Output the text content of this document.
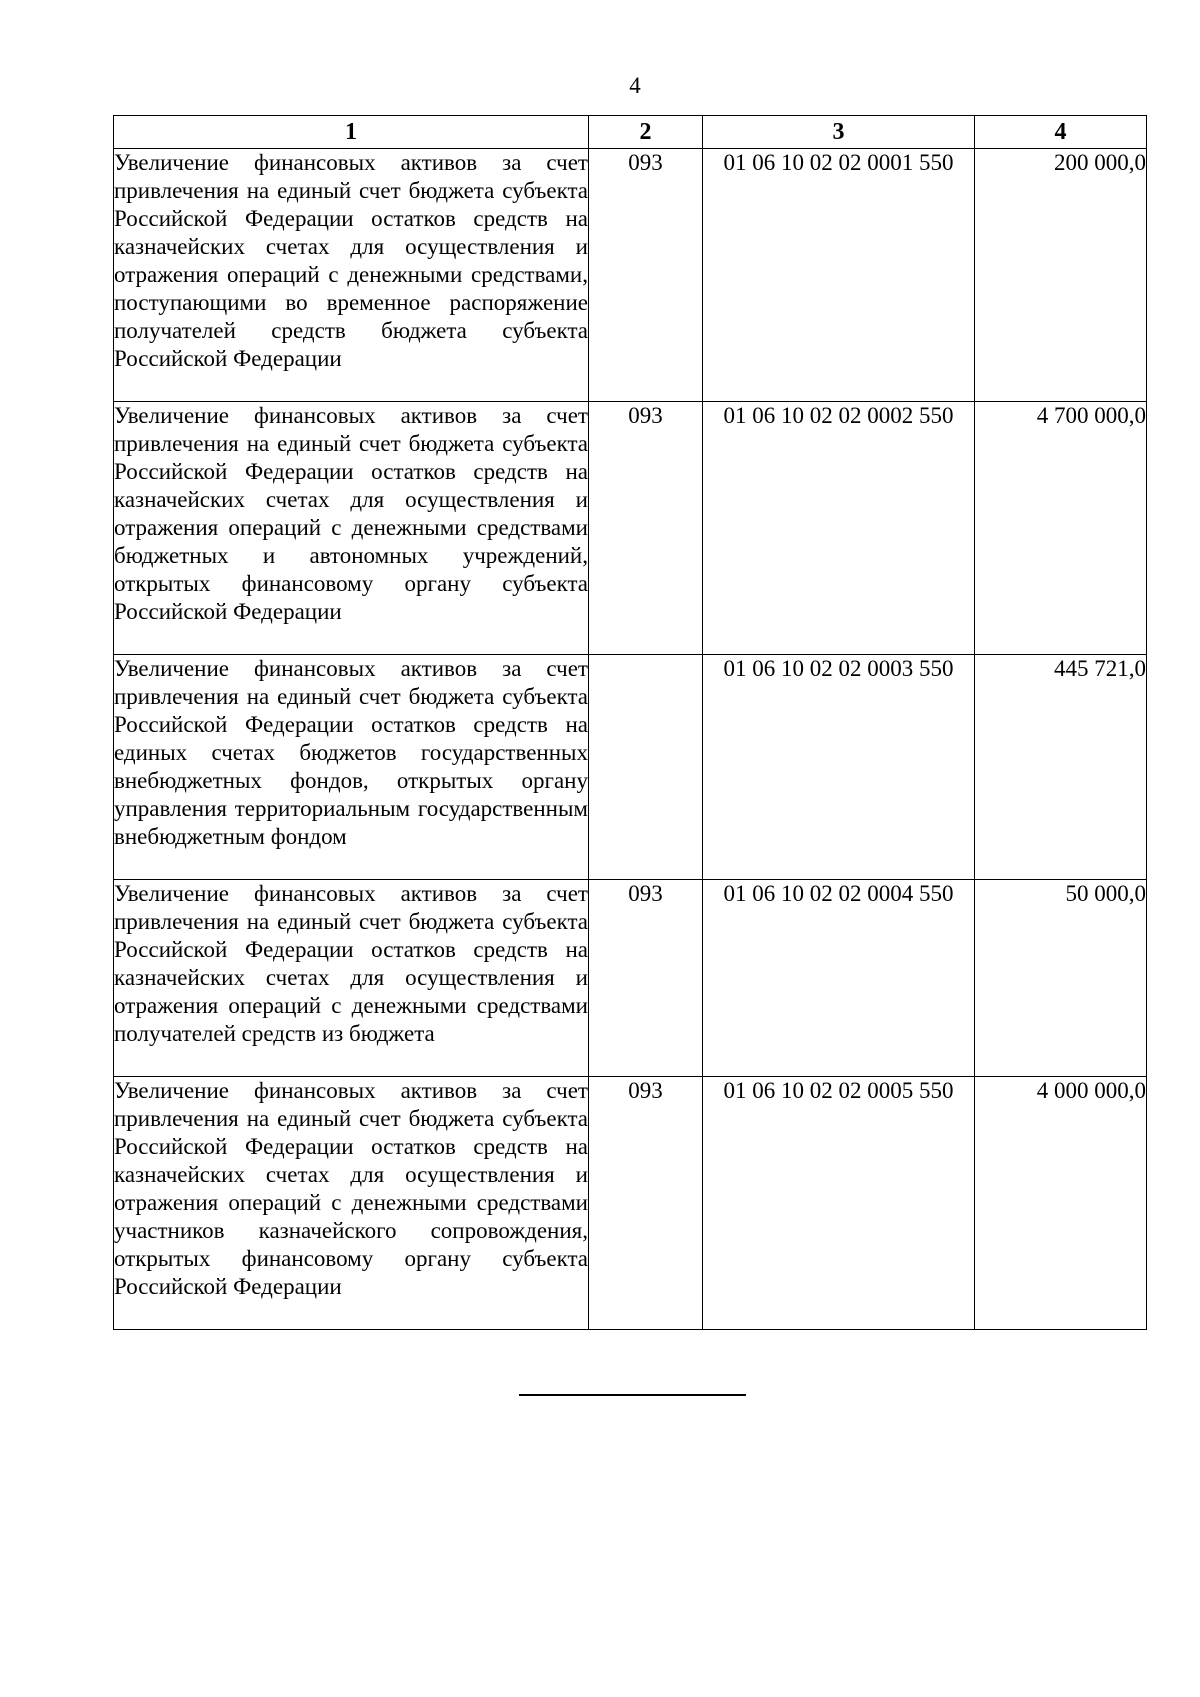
4
1	2	3	4
Увеличение финансовых активов за счет привлечения на единый счет бюджета субъекта Российской Федерации остатков средств на казначейских счетах для осуществления и отражения операций с денежными средствами, поступающими во временное распоряжение получателей средств бюджета субъекта Российской Федерации	093	01 06 10 02 02 0001 550	200 000,0
Увеличение финансовых активов за счет привлечения на единый счет бюджета субъекта Российской Федерации остатков средств на казначейских счетах для осуществления и отражения операций с денежными средствами бюджетных и автономных учреждений, открытых финансовому органу субъекта Российской Федерации	093	01 06 10 02 02 0002 550	4 700 000,0
Увеличение финансовых активов за счет привлечения на единый счет бюджета субъекта Российской Федерации остатков средств на единых счетах бюджетов государственных внебюджетных фондов, открытых органу управления территориальным государственным внебюджетным фондом		01 06 10 02 02 0003 550	445 721,0
Увеличение финансовых активов за счет привлечения на единый счет бюджета субъекта Российской Федерации остатков средств на казначейских счетах для осуществления и отражения операций с денежными средствами получателей средств из бюджета	093	01 06 10 02 02 0004 550	50 000,0
Увеличение финансовых активов за счет привлечения на единый счет бюджета субъекта Российской Федерации остатков средств на казначейских счетах для осуществления и отражения операций с денежными средствами участников казначейского сопровождения, открытых финансовому органу субъекта Российской Федерации	093	01 06 10 02 02 0005 550	4 000 000,0
